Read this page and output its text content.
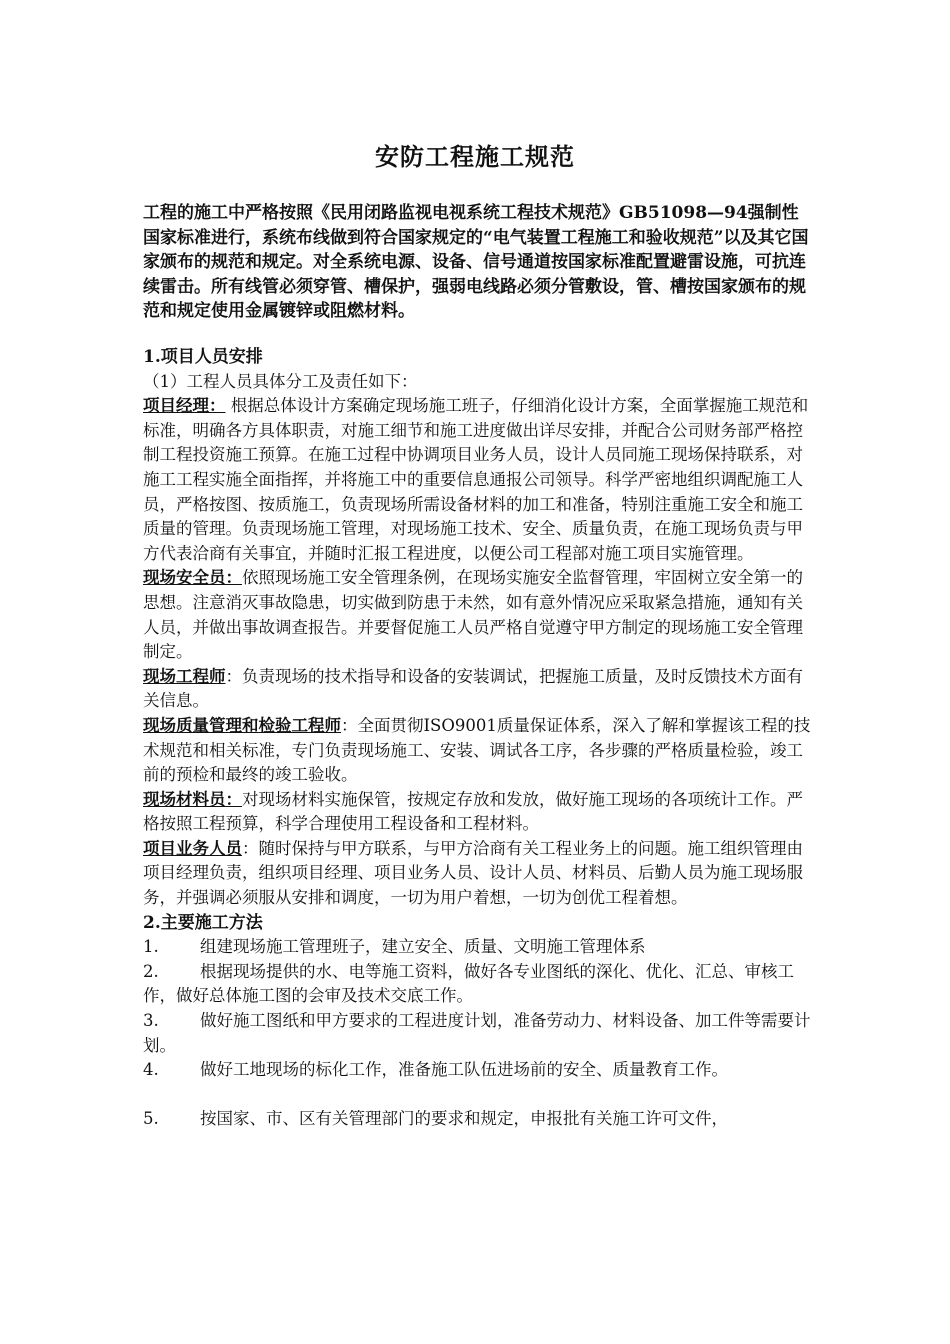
安防工程施工规范

工程的施工中严格按照《民用闭路监视电视系统工程技术规范》GB51098—94强制性国家标准进行，系统布线做到符合国家规定的“电气装置工程施工和验收规范”以及其它国家颁布的规范和规定。对全系统电源、设备、信号通道按国家标准配置避雷设施，可抗连续雷击。所有线管必须穿管、槽保护，强弱电线路必须分管敷设，管、槽按国家颁布的规范和规定使用金属镀锌或阻燃材料。

1.项目人员安排

（1）工程人员具体分工及责任如下：

项目经理： 根据总体设计方案确定现场施工班子，仔细消化设计方案，全面掌握施工规范和标准，明确各方具体职责，对施工细节和施工进度做出详尽安排，并配合公司财务部严格控制工程投资施工预算。在施工过程中协调项目业务人员，设计人员同施工现场保持联系，对施工工程实施全面指挥，并将施工中的重要信息通报公司领导。科学严密地组织调配施工人员，严格按图、按质施工，负责现场所需设备材料的加工和准备，特别注重施工安全和施工质量的管理。负责现场施工管理，对现场施工技术、安全、质量负责，在施工现场负责与甲方代表洽商有关事宜，并随时汇报工程进度，以便公司工程部对施工项目实施管理。

现场安全员：依照现场施工安全管理条例，在现场实施安全监督管理，牢固树立安全第一的思想。注意消灭事故隐患，切实做到防患于未然，如有意外情况应采取紧急措施，通知有关人员，并做出事故调查报告。并要督促施工人员严格自觉遵守甲方制定的现场施工安全管理制定。

现场工程师：负责现场的技术指导和设备的安装调试，把握施工质量，及时反馈技术方面有关信息。

现场质量管理和检验工程师：全面贯彻ISO9001质量保证体系，深入了解和掌握该工程的技术规范和相关标准，专门负责现场施工、安装、调试各工序，各步骤的严格质量检验，竣工前的预检和最终的竣工验收。

现场材料员：对现场材料实施保管，按规定存放和发放，做好施工现场的各项统计工作。严格按照工程预算，科学合理使用工程设备和工程材料。

项目业务人员：随时保持与甲方联系，与甲方洽商有关工程业务上的问题。施工组织管理由项目经理负责，组织项目经理、项目业务人员、设计人员、材料员、后勤人员为施工现场服务，并强调必须服从安排和调度，一切为用户着想，一切为创优工程着想。

2.主要施工方法

1.	组建现场施工管理班子，建立安全、质量、文明施工管理体系

2.	根据现场提供的水、电等施工资料，做好各专业图纸的深化、优化、汇总、审核工作，做好总体施工图的会审及技术交底工作。

3.	做好施工图纸和甲方要求的工程进度计划，准备劳动力、材料设备、加工件等需要计划。

4.	做好工地现场的标化工作，准备施工队伍进场前的安全、质量教育工作。

5.	按国家、市、区有关管理部门的要求和规定，申报批有关施工许可文件，
